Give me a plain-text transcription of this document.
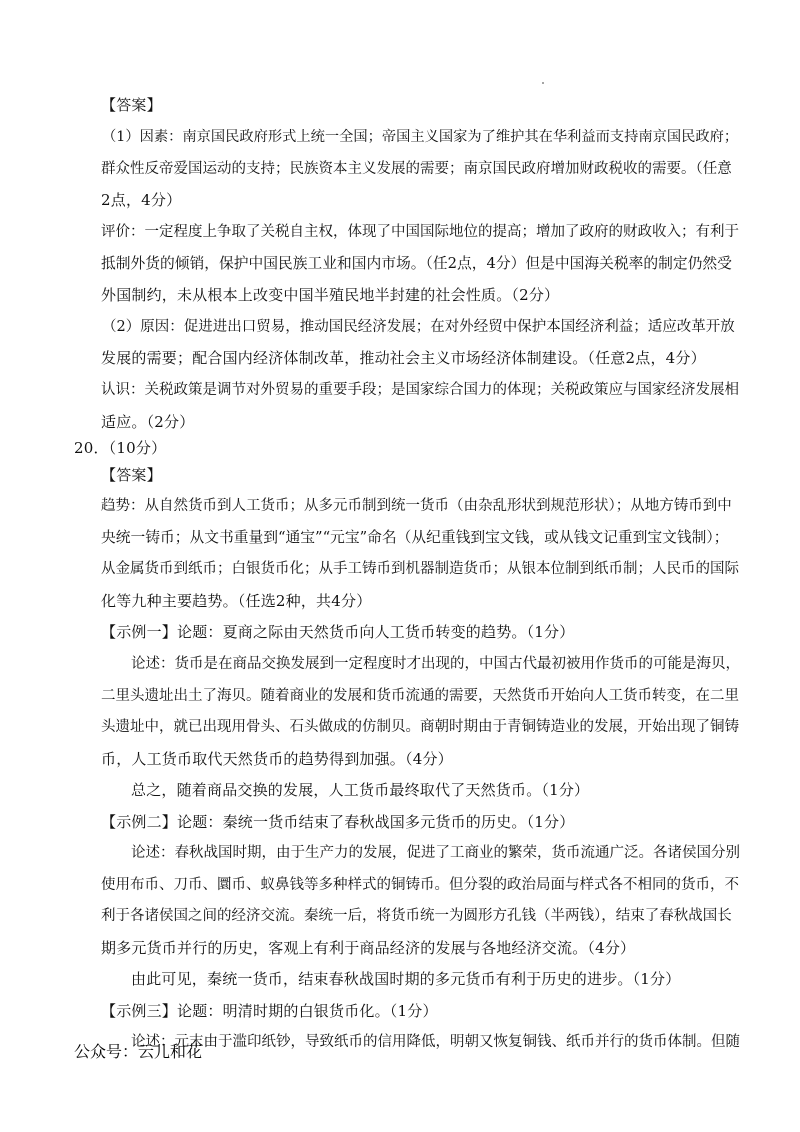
【答案】
（1）因素：南京国民政府形式上统一全国；帝国主义国家为了维护其在华利益而支持南京国民政府；
群众性反帝爱国运动的支持；民族资本主义发展的需要；南京国民政府增加财政税收的需要。（任意
2点，4分）
评价：一定程度上争取了关税自主权，体现了中国国际地位的提高；增加了政府的财政收入；有利于
抵制外货的倾销，保护中国民族工业和国内市场。（任2点，4分）但是中国海关税率的制定仍然受
外国制约，未从根本上改变中国半殖民地半封建的社会性质。（2分）
（2）原因：促进进出口贸易，推动国民经济发展；在对外经贸中保护本国经济利益；适应改革开放
发展的需要；配合国内经济体制改革，推动社会主义市场经济体制建设。（任意2点，4分）
认识：关税政策是调节对外贸易的重要手段；是国家综合国力的体现；关税政策应与国家经济发展相
适应。（2分）
20．（10分）
【答案】
趋势：从自然货币到人工货币；从多元币制到统一货币（由杂乱形状到规范形状）；从地方铸币到中
央统一铸币；从文书重量到“通宝”“元宝”命名（从纪重钱到宝文钱，或从钱文记重到宝文钱制）；
从金属货币到纸币；白银货币化；从手工铸币到机器制造货币；从银本位制到纸币制；人民币的国际
化等九种主要趋势。（任选2种，共4分）
【示例一】论题：夏商之际由天然货币向人工货币转变的趋势。（1分）
论述：货币是在商品交换发展到一定程度时才出现的，中国古代最初被用作货币的可能是海贝，
二里头遗址出土了海贝。随着商业的发展和货币流通的需要，天然货币开始向人工货币转变，在二里
头遗址中，就已出现用骨头、石头做成的仿制贝。商朝时期由于青铜铸造业的发展，开始出现了铜铸
币，人工货币取代天然货币的趋势得到加强。（4分）
总之，随着商品交换的发展，人工货币最终取代了天然货币。（1分）
【示例二】论题：秦统一货币结束了春秋战国多元货币的历史。（1分）
论述：春秋战国时期，由于生产力的发展，促进了工商业的繁荣，货币流通广泛。各诸侯国分别
使用布币、刀币、圜币、蚁鼻钱等多种样式的铜铸币。但分裂的政治局面与样式各不相同的货币，不
利于各诸侯国之间的经济交流。秦统一后，将货币统一为圆形方孔钱（半两钱），结束了春秋战国长
期多元货币并行的历史，客观上有利于商品经济的发展与各地经济交流。（4分）
由此可见，秦统一货币，结束春秋战国时期的多元货币有利于历史的进步。（1分）
【示例三】论题：明清时期的白银货币化。（1分）
论述：元末由于滥印纸钞，导致纸币的信用降低，明朝又恢复铜钱、纸币并行的货币体制。但随
公众号：云儿和花
